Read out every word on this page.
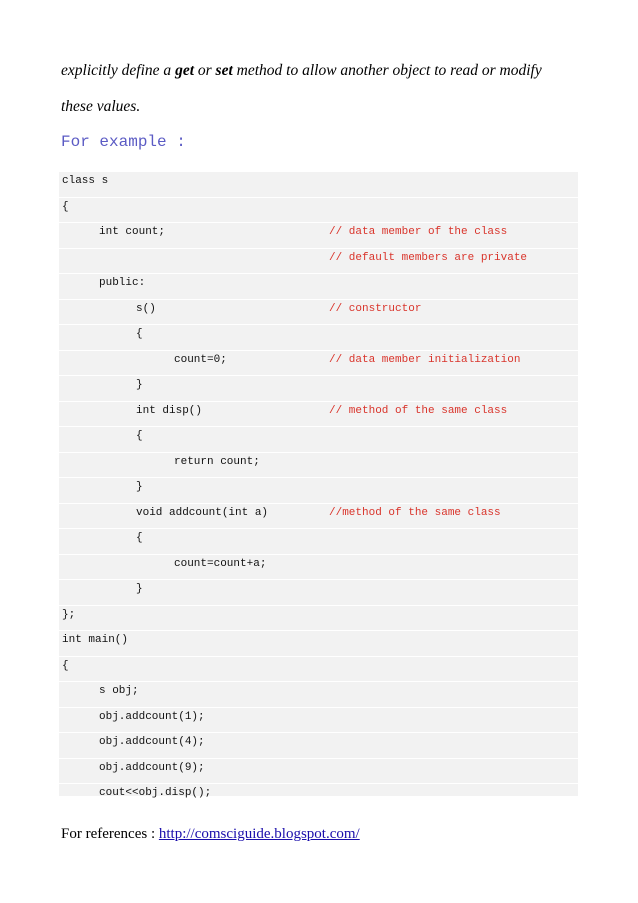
explicitly define a get or set method to allow another object to read or modify
these values.
For example :
class s
{
int count;	// data member of the class
// default members are private
public:
s()	// constructor
{
count=0;	// data member initialization
}
int disp()	// method of the same class
{
return count;
}
void addcount(int a)	//method of the same class
{
count=count+a;
}
};
int main()
{
s obj;
obj.addcount(1);
obj.addcount(4);
obj.addcount(9);
cout<<obj.disp();
For references : http://comsciguide.blogspot.com/
